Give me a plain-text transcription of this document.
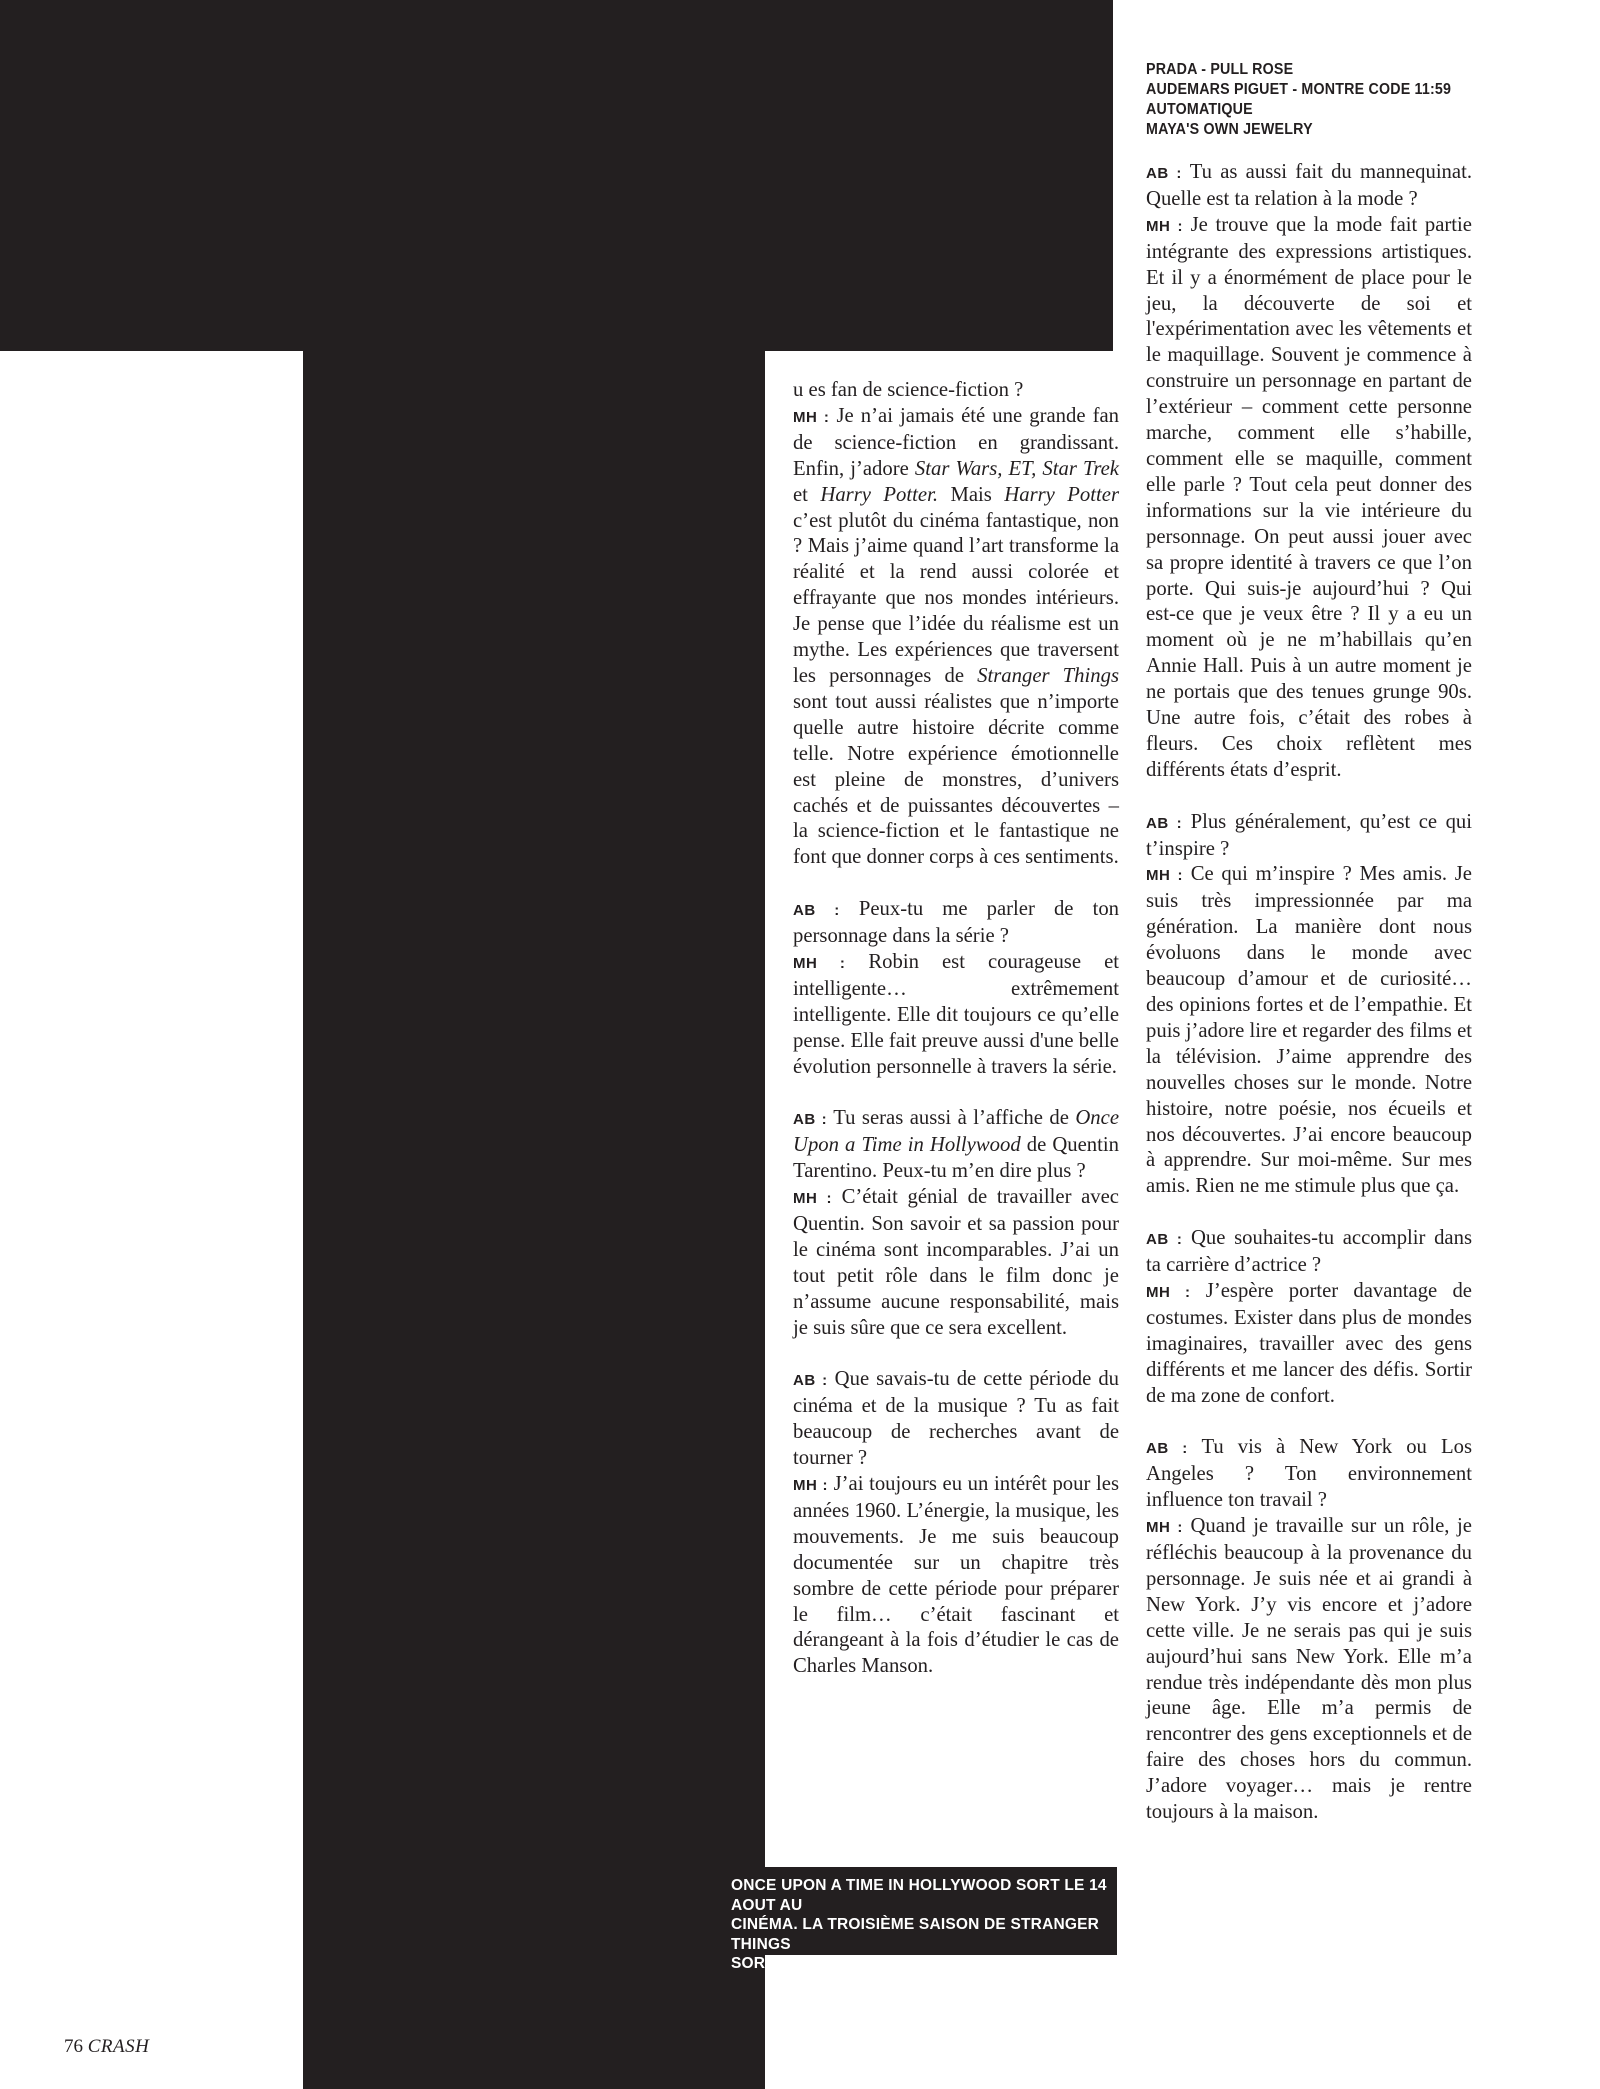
PRADA - PULL ROSE
AUDEMARS PIGUET - MONTRE CODE 11:59
AUTOMATIQUE
MAYA'S OWN JEWELRY

u es fan de science-fiction ?
MH : Je n’ai jamais été une grande fan de science-fiction en grandissant. Enfin, j’adore Star Wars, ET, Star Trek et Harry Potter. Mais Harry Potter c’est plutôt du cinéma fantastique, non ? Mais j’aime quand l’art transforme la réalité et la rend aussi colorée et effrayante que nos mondes intérieurs. Je pense que l’idée du réalisme est un mythe. Les expériences que traversent les personnages de Stranger Things sont tout aussi réalistes que n’importe quelle autre histoire décrite comme telle. Notre expérience émotionnelle est pleine de monstres, d’univers cachés et de puissantes découvertes – la science-fiction et le fantastique ne font que donner corps à ces sentiments.

AB : Peux-tu me parler de ton personnage dans la série ?

MH : Robin est courageuse et intelligente… extrêmement intelligente. Elle dit toujours ce qu’elle pense. Elle fait preuve aussi d'une belle évolution personnelle à travers la série.

AB : Tu seras aussi à l’affiche de Once Upon a Time in Hollywood de Quentin Tarentino. Peux-tu m’en dire plus ?

MH : C’était génial de travailler avec Quentin. Son savoir et sa passion pour le cinéma sont incomparables. J’ai un tout petit rôle dans le film donc je n’assume aucune responsabilité, mais je suis sûre que ce sera excellent.

AB : Que savais-tu de cette période du cinéma et de la musique ? Tu as fait beaucoup de recherches avant de tourner ?

MH : J’ai toujours eu un intérêt pour les années 1960. L’énergie, la musique, les mouvements. Je me suis beaucoup documentée sur un chapitre très sombre de cette période pour préparer le film… c’était fascinant et dérangeant à la fois d’étudier le cas de Charles Manson.

AB : Tu as aussi fait du mannequinat. Quelle est ta relation à la mode ?

MH : Je trouve que la mode fait partie intégrante des expressions artistiques. Et il y a énormément de place pour le jeu, la découverte de soi et l'expérimentation avec les vêtements et le maquillage. Souvent je commence à construire un personnage en partant de l’extérieur – comment cette personne marche, comment elle s’habille, comment elle se maquille, comment elle parle ? Tout cela peut donner des informations sur la vie intérieure du personnage. On peut aussi jouer avec sa propre identité à travers ce que l’on porte. Qui suis-je aujourd’hui ? Qui est-ce que je veux être ? Il y a eu un moment où je ne m’habillais qu’en Annie Hall. Puis à un autre moment je ne portais que des tenues grunge 90s. Une autre fois, c’était des robes à fleurs. Ces choix reflètent mes différents états d’esprit.

AB : Plus généralement, qu’est ce qui t’inspire ?

MH : Ce qui m’inspire ? Mes amis. Je suis très impressionnée par ma génération. La manière dont nous évoluons dans le monde avec beaucoup d’amour et de curiosité… des opinions fortes et de l’empathie. Et puis j’adore lire et regarder des films et la télévision. J’aime apprendre des nouvelles choses sur le monde. Notre histoire, notre poésie, nos écueils et nos découvertes. J’ai encore beaucoup à apprendre. Sur moi-même. Sur mes amis. Rien ne me stimule plus que ça.

AB : Que souhaites-tu accomplir dans ta carrière d’actrice ?

MH : J’espère porter davantage de costumes. Exister dans plus de mondes imaginaires, travailler avec des gens différents et me lancer des défis. Sortir de ma zone de confort.

AB : Tu vis à New York ou Los Angeles ? Ton environnement influence ton travail ?

MH : Quand je travaille sur un rôle, je réfléchis beaucoup à la provenance du personnage. Je suis née et ai grandi à New York. J’y vis encore et j’adore cette ville. Je ne serais pas qui je suis aujourd’hui sans New York. Elle m’a rendue très indépendante dès mon plus jeune âge. Elle m’a permis de rencontrer des gens exceptionnels et de faire des choses hors du commun. J’adore voyager… mais je rentre toujours à la maison.

ONCE UPON A TIME IN HOLLYWOOD SORT LE 14 AOUT AU
CINÉMA. LA TROISIÈME SAISON DE STRANGER THINGS
SORT LE 4 JUILLET SUR NETFLIX.
76 CRASH
